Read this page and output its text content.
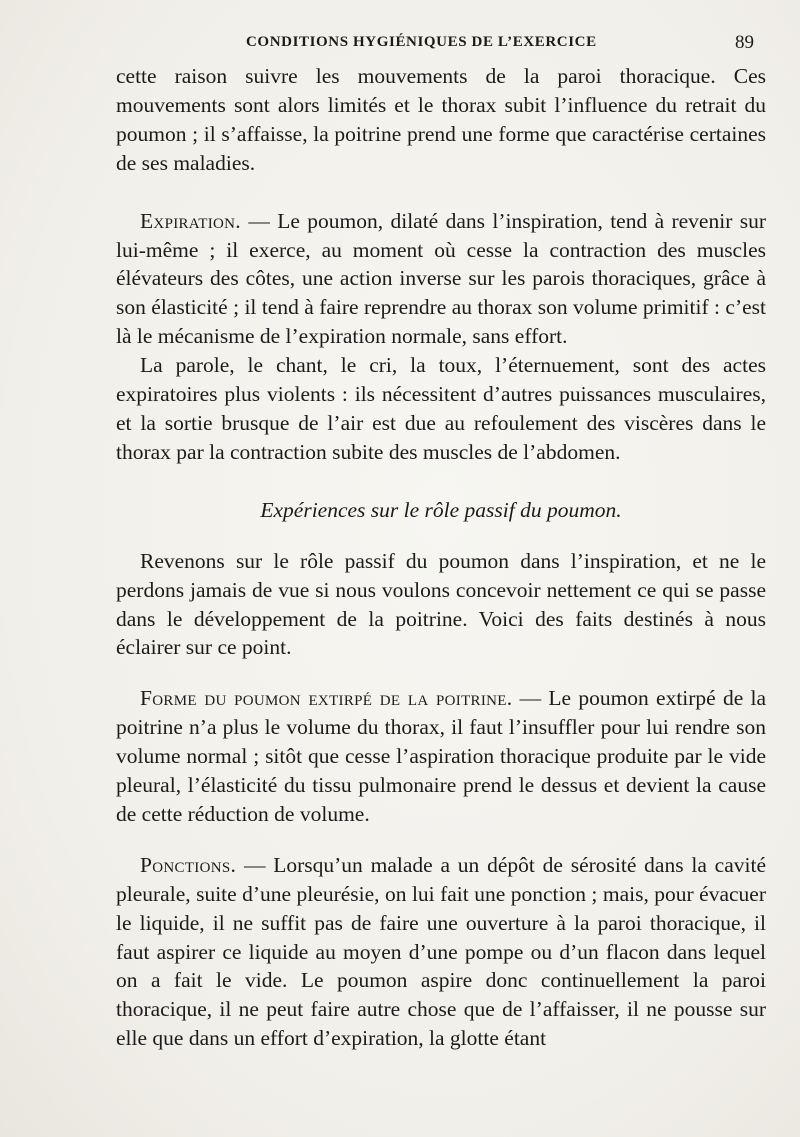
CONDITIONS HYGIÉNIQUES DE L’EXERCICE	89

cette raison suivre les mouvements de la paroi thoracique. Ces mouvements sont alors limités et le thorax subit l’influence du retrait du poumon ; il s’affaisse, la poitrine prend une forme que caractérise certaines de ses maladies.

Expiration. — Le poumon, dilaté dans l’inspiration, tend à revenir sur lui-même ; il exerce, au moment où cesse la contraction des muscles élévateurs des côtes, une action inverse sur les parois thoraciques, grâce à son élasticité ; il tend à faire reprendre au thorax son volume primitif : c’est là le mécanisme de l’expiration normale, sans effort.

La parole, le chant, le cri, la toux, l’éternuement, sont des actes expiratoires plus violents : ils nécessitent d’autres puissances musculaires, et la sortie brusque de l’air est due au refoulement des viscères dans le thorax par la contraction subite des muscles de l’abdomen.

Expériences sur le rôle passif du poumon.

Revenons sur le rôle passif du poumon dans l’inspiration, et ne le perdons jamais de vue si nous voulons concevoir nettement ce qui se passe dans le développement de la poitrine. Voici des faits destinés à nous éclairer sur ce point.

Forme du poumon extirpé de la poitrine. — Le poumon extirpé de la poitrine n’a plus le volume du thorax, il faut l’insuffler pour lui rendre son volume normal ; sitôt que cesse l’aspiration thoracique produite par le vide pleural, l’élasticité du tissu pulmonaire prend le dessus et devient la cause de cette réduction de volume.

Ponctions. — Lorsqu’un malade a un dépôt de sérosité dans la cavité pleurale, suite d’une pleurésie, on lui fait une ponction ; mais, pour évacuer le liquide, il ne suffit pas de faire une ouverture à la paroi thoracique, il faut aspirer ce liquide au moyen d’une pompe ou d’un flacon dans lequel on a fait le vide. Le poumon aspire donc continuellement la paroi thoracique, il ne peut faire autre chose que de l’affaisser, il ne pousse sur elle que dans un effort d’expiration, la glotte étant
